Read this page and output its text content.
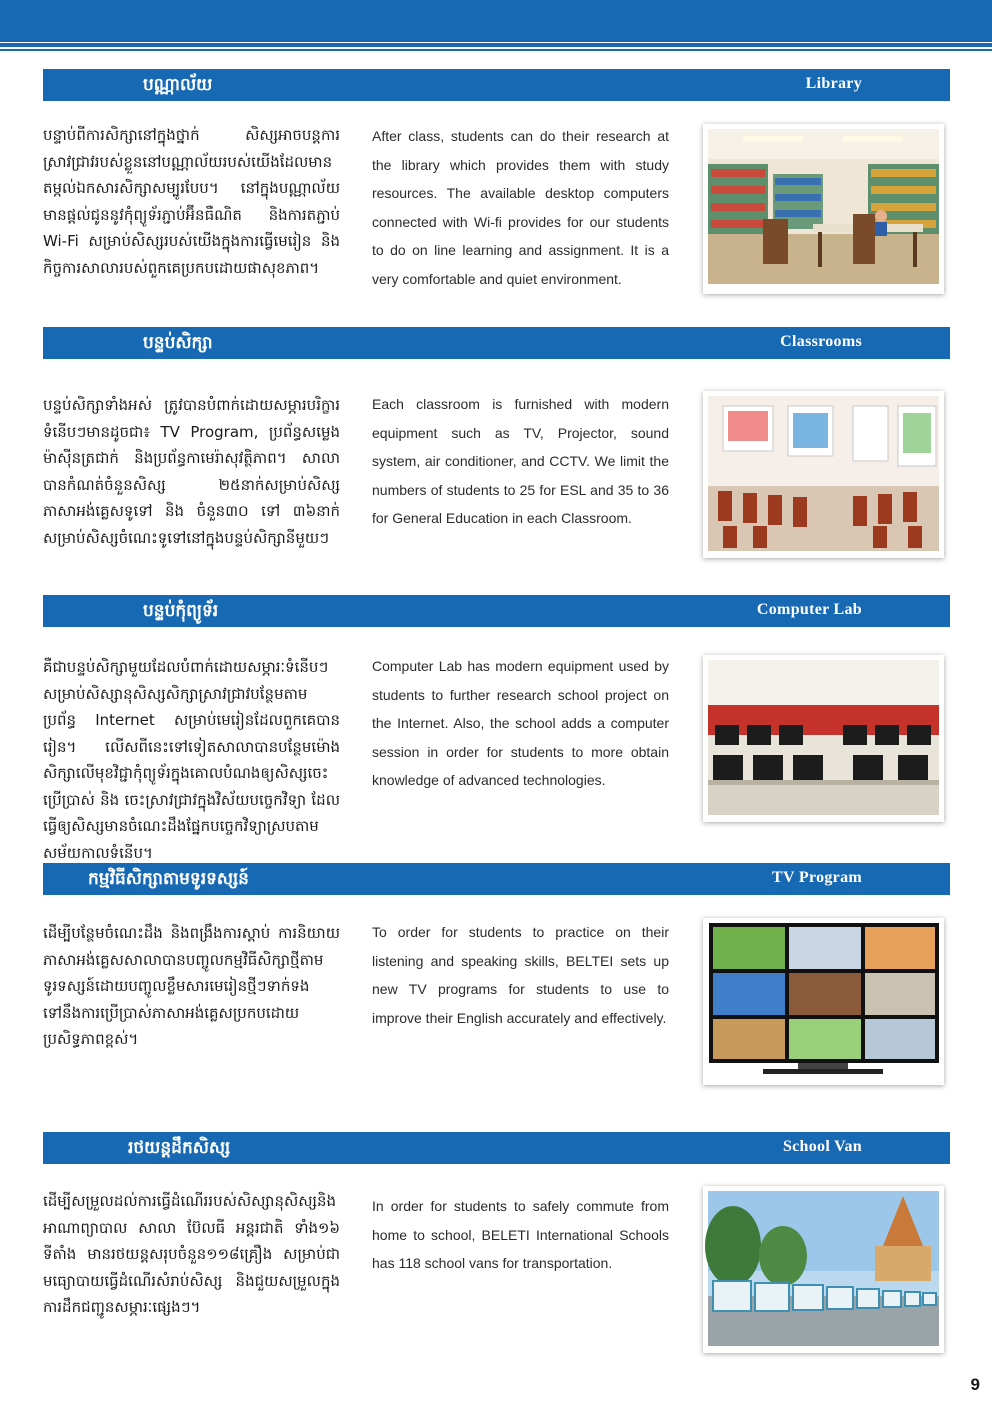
បណ្ណាល័យ	Library
បន្ទាប់ពីការសិក្សានៅក្នុងថ្នាក់ សិស្សអាចបន្តការស្រាវជ្រាវរបស់ខ្លួននៅបណ្ណាល័យរបស់យើងដែលមានតម្កល់ឯកសារសិក្សាសម្បូរបែប។ នៅក្នុងបណ្ណាល័យមានផ្តល់ជូននូវកុំព្យូទ័រភ្ជាប់អ៊ីនធឺណិត និងការតភ្ជាប់ Wi-Fi សម្រាប់សិស្សរបស់យើងក្នុងការធ្វើមេរៀន និងកិច្ចការសាលារបស់ពួកគេប្រកបដោយផាសុខភាព។
After class, students can do their research at the library which provides them with study resources. The available desktop computers connected with Wi-fi provides for our students to do on line learning and assignment. It is a very comfortable and quiet environment.
បន្ទប់សិក្សា	Classrooms
បន្ទប់សិក្សាទាំងអស់ ត្រូវបានបំពាក់ដោយសម្ភារបរិក្ខារទំនើបៗមានដូចជា៖ TV Program, ប្រព័ន្ធសម្លេង ម៉ាស៊ីនត្រជាក់ និងប្រព័ន្ធកាមេរ៉ាសុវត្ថិភាព។ សាលាបានកំណត់ចំនួនសិស្ស ២៥នាក់សម្រាប់សិស្សភាសាអង់គ្លេសទូទៅ និង ចំនួន៣០ ទៅ ៣៦នាក់សម្រាប់សិស្សចំណេះទូទៅនៅក្នុងបន្ទប់សិក្សានីមួយៗ
Each classroom is furnished with modern equipment such as TV, Projector, sound system, air conditioner, and CCTV. We limit the numbers of students to 25 for ESL and 35 to 36 for General Education in each Classroom.
បន្ទប់កុំព្យូទ័រ	Computer Lab
គឺជាបន្ទប់សិក្សាមួយដែលបំពាក់ដោយសម្ភារៈទំនើបៗ សម្រាប់សិស្សានុសិស្សសិក្សាស្រាវជ្រាវបន្ថែមតាមប្រព័ន្ធ Internet សម្រាប់មេរៀនដែលពួកគេបានរៀន។ លើសពីនេះទៅទៀតសាលាបានបន្ថែមម៉ោងសិក្សាលើមុខវិជ្ជាកុំព្យូទ័រក្នុងគោលបំណងឲ្យសិស្សចេះប្រើប្រាស់ និង ចេះស្រាវជ្រាវក្នុងវិស័យបច្ចេកវិទ្យា ដែលធ្វើឲ្យសិស្សមានចំណេះដឹងផ្នែកបច្ចេកវិទ្យាស្របតាមសម័យកាលទំនើប។
Computer Lab has modern equipment used by students to further research school project on the Internet. Also, the school adds a computer session in order for students to more obtain knowledge of advanced technologies.
កម្មវិធីសិក្សាតាមទូរទស្សន៍	TV Program
ដើម្បីបន្ថែមចំណេះដឹង និងពង្រឹងការស្តាប់ ការនិយាយភាសាអង់គ្លេសសាលាបានបញ្ចូលកម្មវិធីសិក្សាថ្មីតាមទូរទស្សន៍ដោយបញ្ចូលខ្លឹមសារមេរៀនថ្មីៗទាក់ទងទៅនឹងការប្រើប្រាស់ភាសាអង់គ្លេសប្រកបដោយប្រសិទ្ធភាពខ្ពស់។
To order for students to practice on their listening and speaking skills, BELTEI sets up new TV programs for students to use to improve their English accurately and effectively.
រថយន្តដឹកសិស្ស	School Van
ដើម្បីសម្រួលដល់ការធ្វើដំណើររបស់សិស្សានុសិស្សនិងអាណាព្យាបាល សាលា ប៊ែលធី អន្តរជាតិ ទាំង១៦ ទីតាំង មានរថយន្តសរុបចំនួន១១៨គ្រឿង សម្រាប់ជាមធ្យោបាយធ្វើដំណើរសំរាប់សិស្ស និងជួយសម្រួលក្នុងការដឹកជញ្ជូនសម្ភារៈផ្សេងៗ។
In order for students to safely commute from home to school, BELETI International Schools has 118 school vans for transportation.
9
